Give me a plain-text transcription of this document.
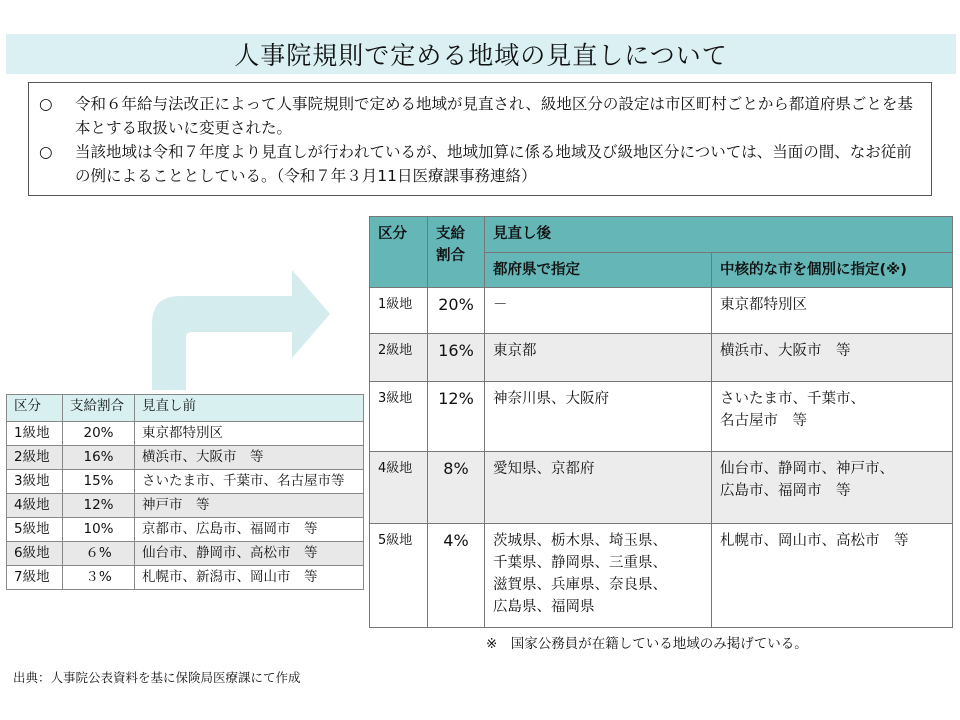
人事院規則で定める地域の見直しについて
○	令和６年給与法改正によって人事院規則で定める地域が見直され、級地区分の設定は市区町村ごとから都道府県ごとを基本とする取扱いに変更された。
○	当該地域は令和７年度より見直しが行われているが、地域加算に係る地域及び級地区分については、当面の間、なお従前の例によることとしている。（令和７年３月11日医療課事務連絡）
区分	支給割合	見直し後	
		都府県で指定	中核的な市を個別に指定(※)
1級地	20%	－	東京都特別区
2級地	16%	東京都	横浜市、大阪市　等
3級地	12%	神奈川県、大阪府	さいたま市、千葉市、
名古屋市　等
4級地	8%	愛知県、京都府	仙台市、静岡市、神戸市、
広島市、福岡市　等
5級地	4%	茨城県、栃木県、埼玉県、
千葉県、静岡県、三重県、
滋賀県、兵庫県、奈良県、
広島県、福岡県	札幌市、岡山市、高松市　等
区分	支給割合	見直し前
1級地	20%	東京都特別区
2級地	16%	横浜市、大阪市　等
3級地	15%	さいたま市、千葉市、名古屋市等
4級地	12%	神戸市　等
5級地	10%	京都市、広島市、福岡市　等
6級地	６%	仙台市、静岡市、高松市　等
7級地	３%	札幌市、新潟市、岡山市　等
※　国家公務員が在籍している地域のみ掲げている。
出典：人事院公表資料を基に保険局医療課にて作成
